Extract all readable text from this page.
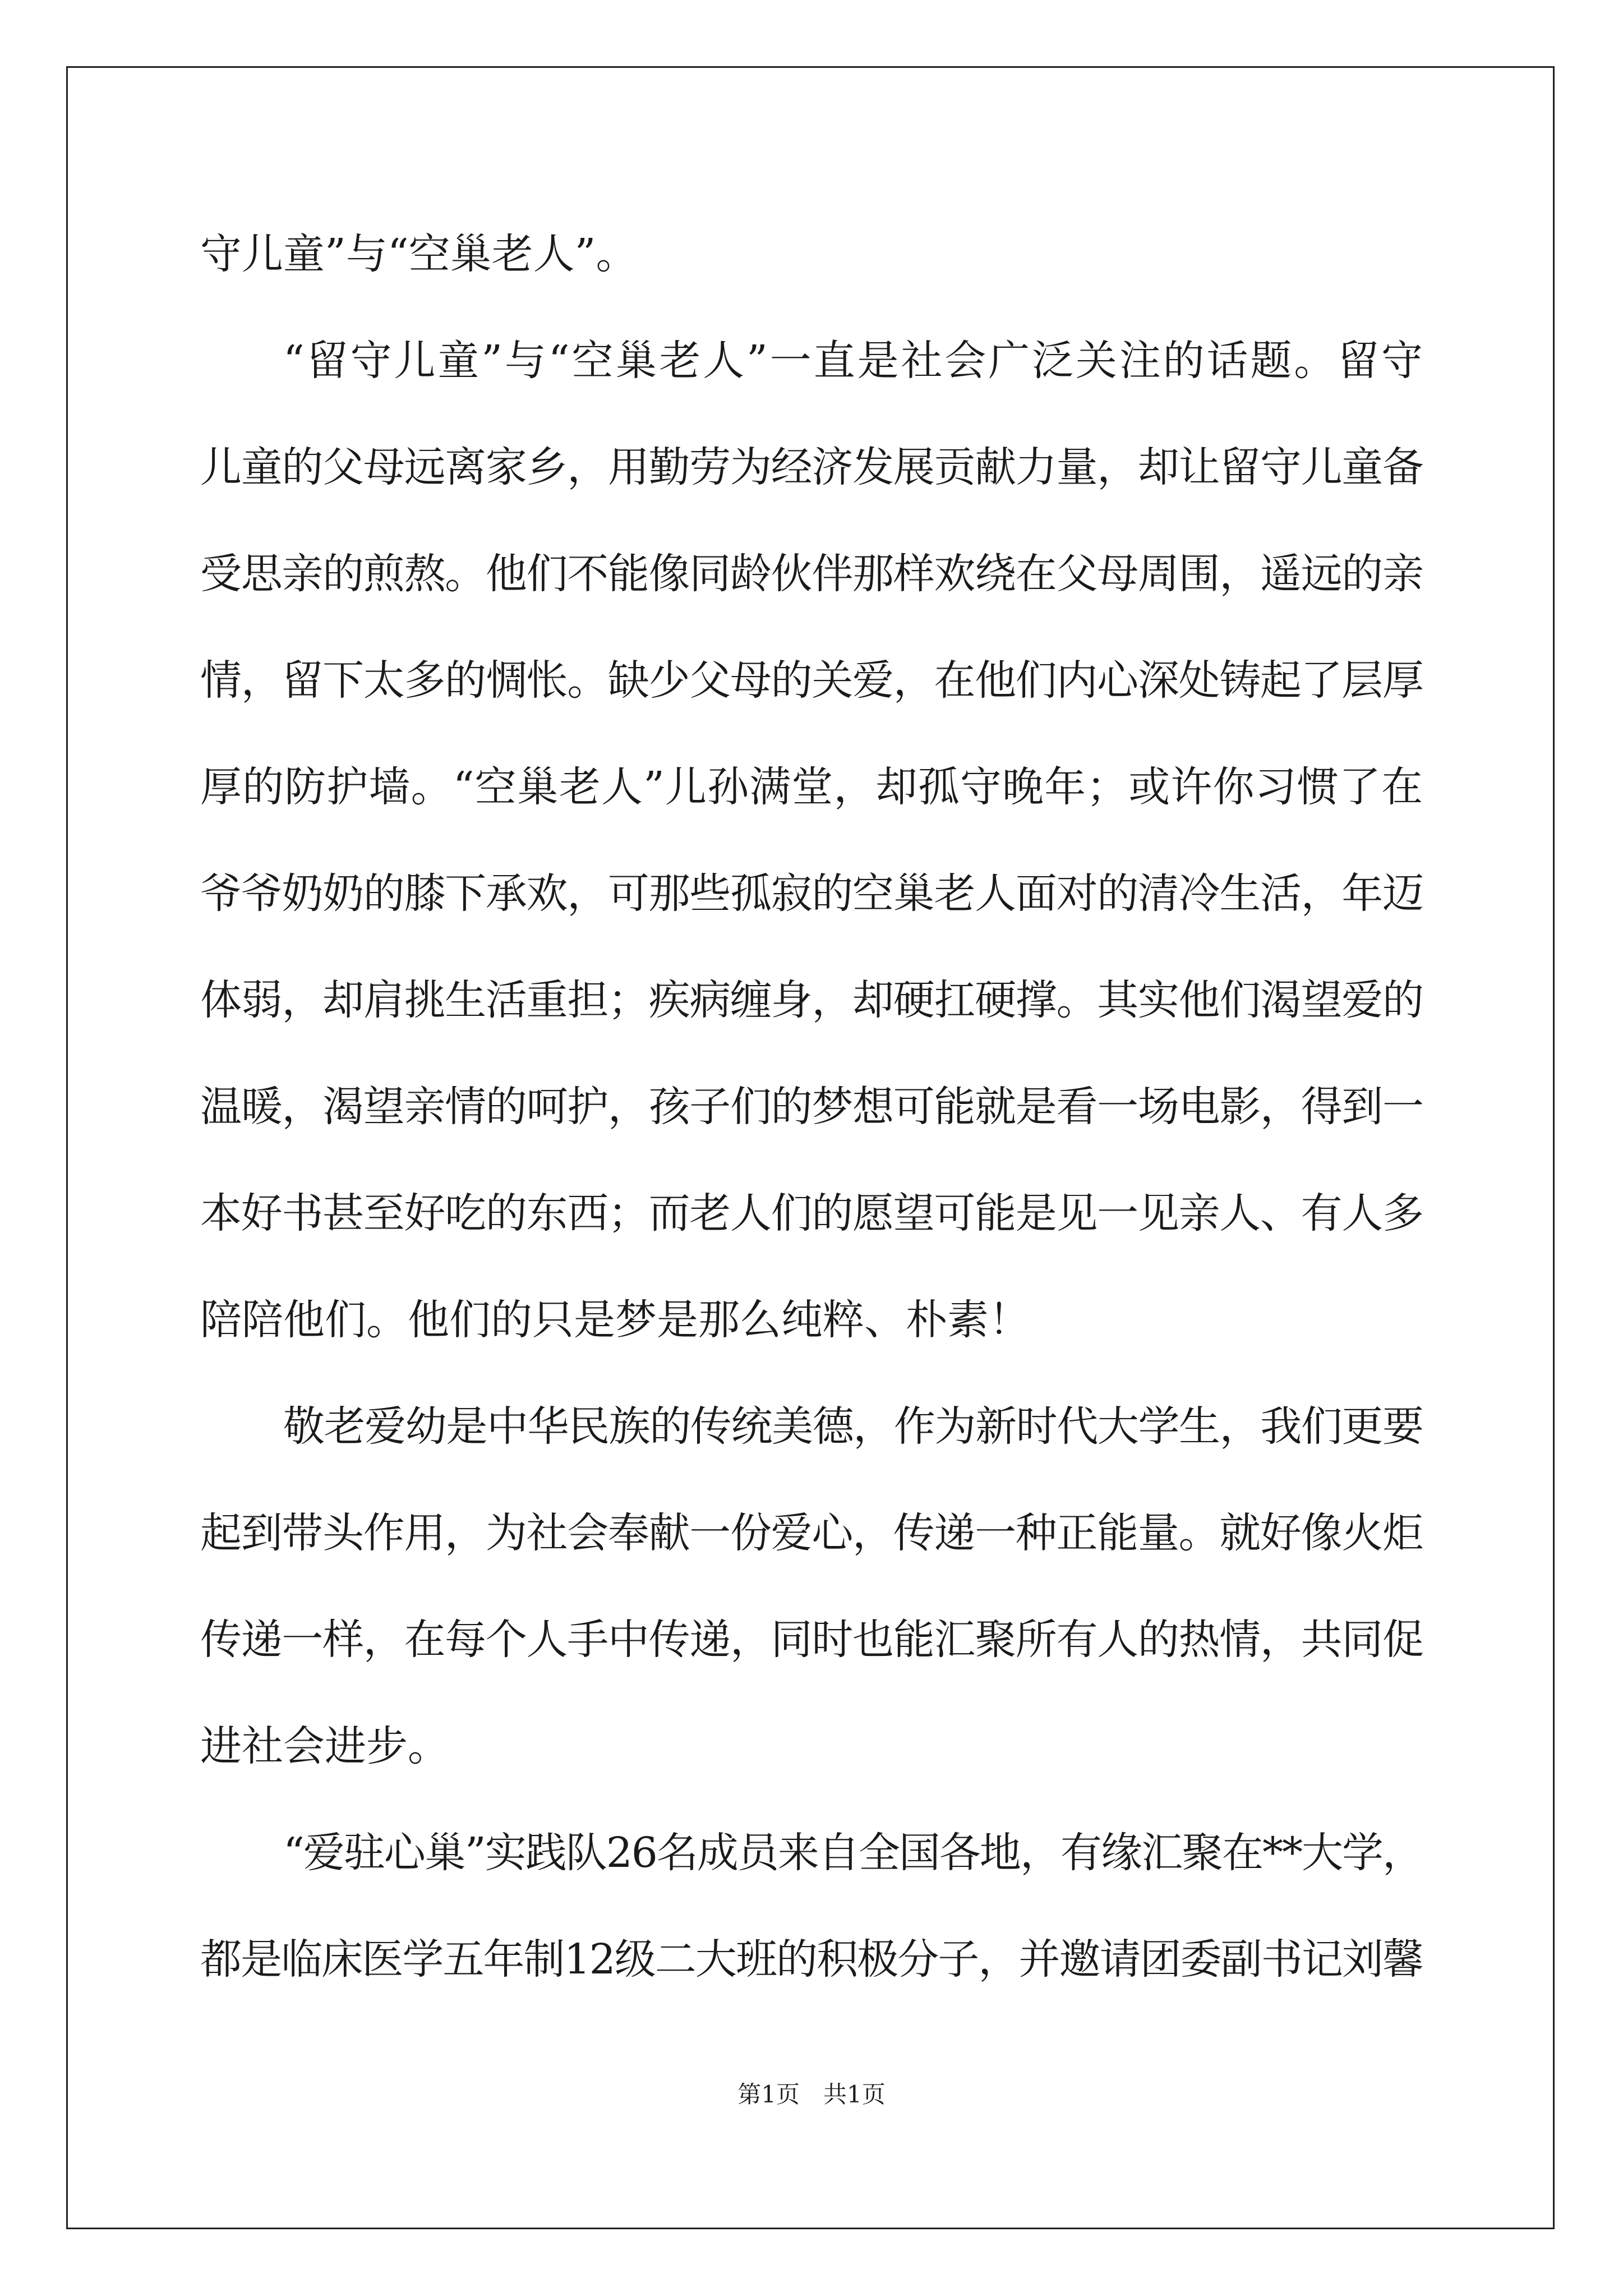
守儿童”与“空巢老人”。
“留守儿童”与“空巢老人”一直是社会广泛关注的话题。留守
儿童的父母远离家乡，用勤劳为经济发展贡献力量，却让留守儿童备
受思亲的煎熬。他们不能像同龄伙伴那样欢绕在父母周围，遥远的亲
情，留下太多的惆怅。缺少父母的关爱，在他们内心深处铸起了层厚
厚的防护墙。“空巢老人”儿孙满堂，却孤守晚年；或许你习惯了在
爷爷奶奶的膝下承欢，可那些孤寂的空巢老人面对的清冷生活，年迈
体弱，却肩挑生活重担；疾病缠身，却硬扛硬撑。其实他们渴望爱的
温暖，渴望亲情的呵护，孩子们的梦想可能就是看一场电影，得到一
本好书甚至好吃的东西；而老人们的愿望可能是见一见亲人、有人多
陪陪他们。他们的只是梦是那么纯粹、朴素！
敬老爱幼是中华民族的传统美德，作为新时代大学生，我们更要
起到带头作用，为社会奉献一份爱心，传递一种正能量。就好像火炬
传递一样，在每个人手中传递，同时也能汇聚所有人的热情，共同促
进社会进步。
“爱驻心巢”实践队26名成员来自全国各地，有缘汇聚在**大学，
都是临床医学五年制12级二大班的积极分子，并邀请团委副书记刘馨
第1页　共1页
